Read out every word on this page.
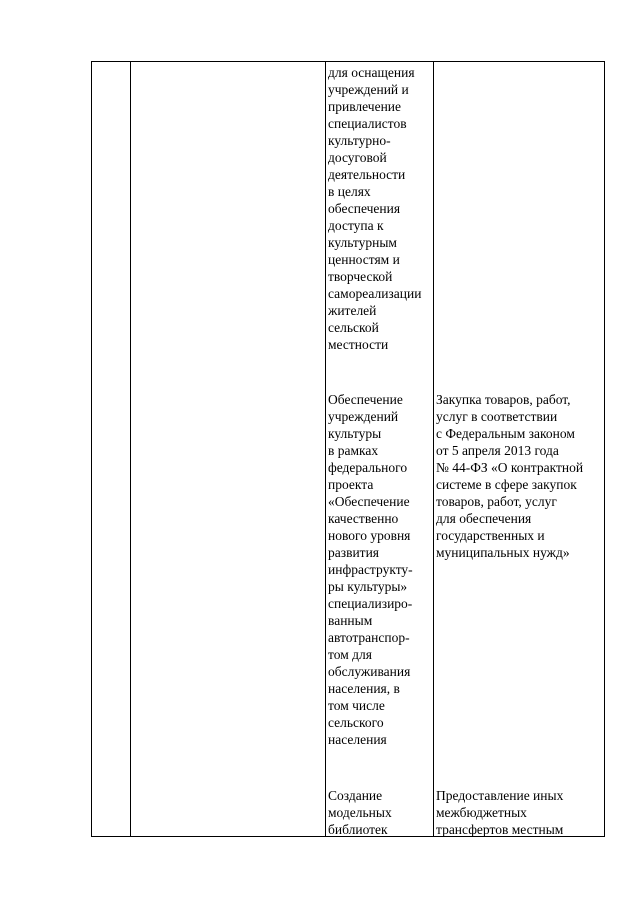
для оснащения
учреждений и
привлечение
специалистов
культурно-
досуговой
деятельности
в целях
обеспечения
доступа к
культурным
ценностям и
творческой
самореализации
жителей
сельской
местности
Обеспечение
учреждений
культуры
в рамках
федерального
проекта
«Обеспечение
качественно
нового уровня
развития
инфраструкту-
ры культуры»
специализиро-
ванным
автотранспор-
том для
обслуживания
населения, в
том числе
сельского
населения
Закупка товаров, работ,
услуг в соответствии
с Федеральным законом
от 5 апреля 2013 года
№ 44-ФЗ «О контрактной
системе в сфере закупок
товаров, работ, услуг
для обеспечения
государственных и
муниципальных нужд»
Создание
модельных
библиотек
Предоставление иных
межбюджетных
трансфертов местным
